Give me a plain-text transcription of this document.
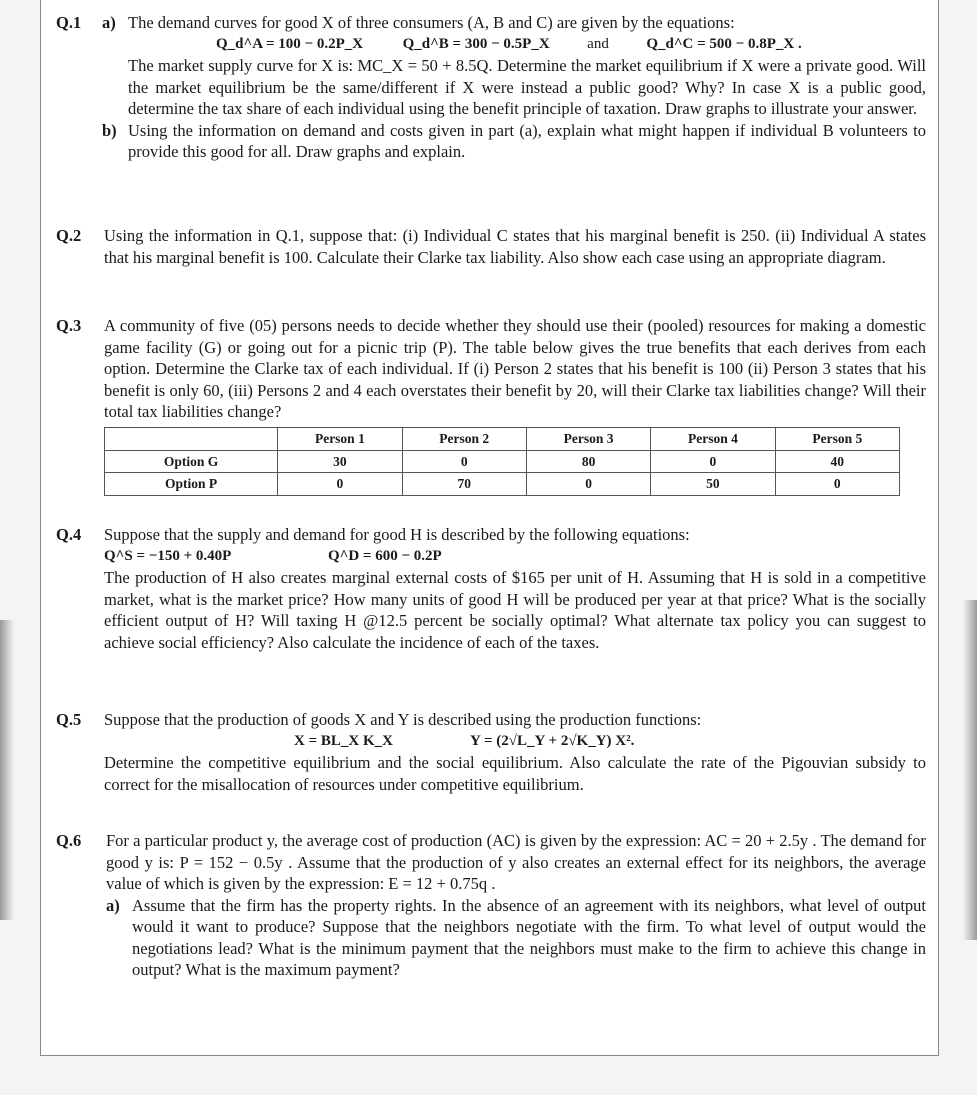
Q.1 a) The demand curves for good X of three consumers (A, B and C) are given by the equations:
Q_d^A = 100 − 0.2P_X	Q_d^B = 300 − 0.5P_X	and	Q_d^C = 500 − 0.8P_X .
The market supply curve for X is: MC_X = 50 + 8.5Q. Determine the market equilibrium if X were a private good. Will the market equilibrium be the same/different if X were instead a public good? Why? In case X is a public good, determine the tax share of each individual using the benefit principle of taxation. Draw graphs to illustrate your answer.
b) Using the information on demand and costs given in part (a), explain what might happen if individual B volunteers to provide this good for all. Draw graphs and explain.
Q.2 Using the information in Q.1, suppose that: (i) Individual C states that his marginal benefit is 250. (ii) Individual A states that his marginal benefit is 100. Calculate their Clarke tax liability. Also show each case using an appropriate diagram.
Q.3 A community of five (05) persons needs to decide whether they should use their (pooled) resources for making a domestic game facility (G) or going out for a picnic trip (P). The table below gives the true benefits that each derives from each option. Determine the Clarke tax of each individual. If (i) Person 2 states that his benefit is 100 (ii) Person 3 states that his benefit is only 60, (iii) Persons 2 and 4 each overstates their benefit by 20, will their Clarke tax liabilities change? Will their total tax liabilities change?
	Person 1	Person 2	Person 3	Person 4	Person 5
Option G	30	0	80	0	40
Option P	0	70	0	50	0
Q.4 Suppose that the supply and demand for good H is described by the following equations:
Q^S = −150 + 0.40P	Q^D = 600 − 0.2P
The production of H also creates marginal external costs of $165 per unit of H. Assuming that H is sold in a competitive market, what is the market price? How many units of good H will be produced per year at that price? What is the socially efficient output of H? Will taxing H @12.5 percent be socially optimal? What alternate tax policy you can suggest to achieve social efficiency? Also calculate the incidence of each of the taxes.
Q.5 Suppose that the production of goods X and Y is described using the production functions:
X = BL_X K_X	Y = (2√L_Y + 2√K_Y) X².
Determine the competitive equilibrium and the social equilibrium. Also calculate the rate of the Pigouvian subsidy to correct for the misallocation of resources under competitive equilibrium.
Q.6 For a particular product y, the average cost of production (AC) is given by the expression: AC = 20 + 2.5y . The demand for good y is: P = 152 − 0.5y . Assume that the production of y also creates an external effect for its neighbors, the average value of which is given by the expression: E = 12 + 0.75q .
a) Assume that the firm has the property rights. In the absence of an agreement with its neighbors, what level of output would it want to produce? Suppose that the neighbors negotiate with the firm. To what level of output would the negotiations lead? What is the minimum payment that the neighbors must make to the firm to achieve this change in output? What is the maximum payment?
